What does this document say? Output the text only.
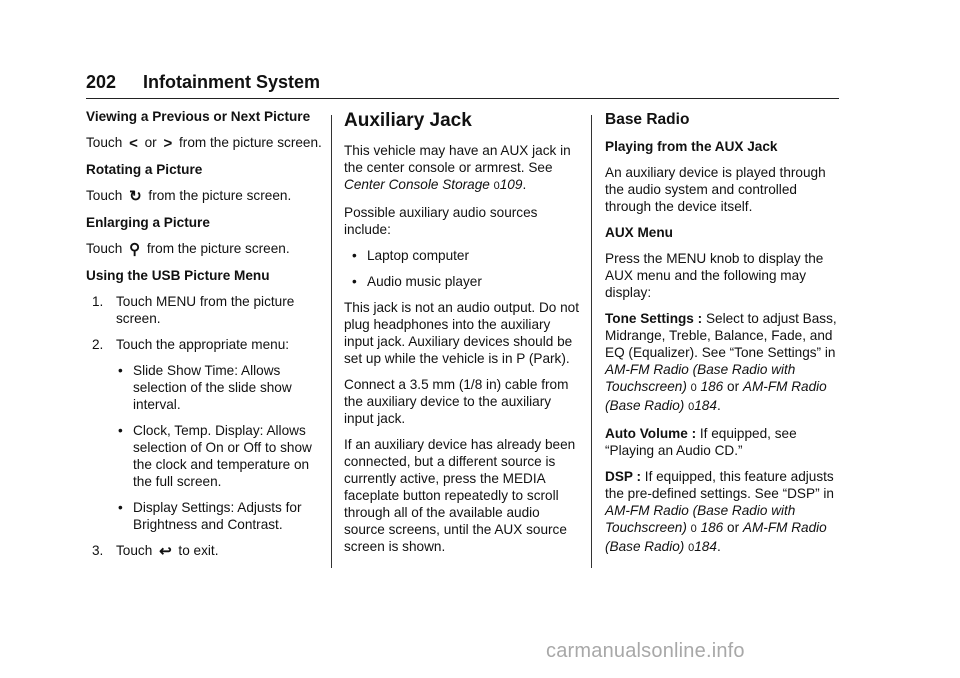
202 Infotainment System

Viewing a Previous or Next Picture

Touch < or > from the picture screen.

Rotating a Picture

Touch ↻ from the picture screen.

Enlarging a Picture

Touch ⚲ from the picture screen.

Using the USB Picture Menu

1. Touch MENU from the picture screen.
2. Touch the appropriate menu:
• Slide Show Time: Allows selection of the slide show interval.
• Clock, Temp. Display: Allows selection of On or Off to show the clock and temperature on the full screen.
• Display Settings: Adjusts for Brightness and Contrast.
3. Touch ↩ to exit.

Auxiliary Jack

This vehicle may have an AUX jack in the center console or armrest. See Center Console Storage 0109.

Possible auxiliary audio sources include:

• Laptop computer
• Audio music player

This jack is not an audio output. Do not plug headphones into the auxiliary input jack. Auxiliary devices should be set up while the vehicle is in P (Park).

Connect a 3.5 mm (1/8 in) cable from the auxiliary device to the auxiliary input jack.

If an auxiliary device has already been connected, but a different source is currently active, press the MEDIA faceplate button repeatedly to scroll through all of the available audio source screens, until the AUX source screen is shown.

Base Radio

Playing from the AUX Jack

An auxiliary device is played through the audio system and controlled through the device itself.

AUX Menu

Press the MENU knob to display the AUX menu and the following may display:

Tone Settings : Select to adjust Bass, Midrange, Treble, Balance, Fade, and EQ (Equalizer). See “Tone Settings” in AM-FM Radio (Base Radio with Touchscreen) 0 186 or AM-FM Radio (Base Radio) 0184.

Auto Volume : If equipped, see “Playing an Audio CD.”

DSP : If equipped, this feature adjusts the pre-defined settings. See “DSP” in AM-FM Radio (Base Radio with Touchscreen) 0 186 or AM-FM Radio (Base Radio) 0184.

carmanualsonline.info
